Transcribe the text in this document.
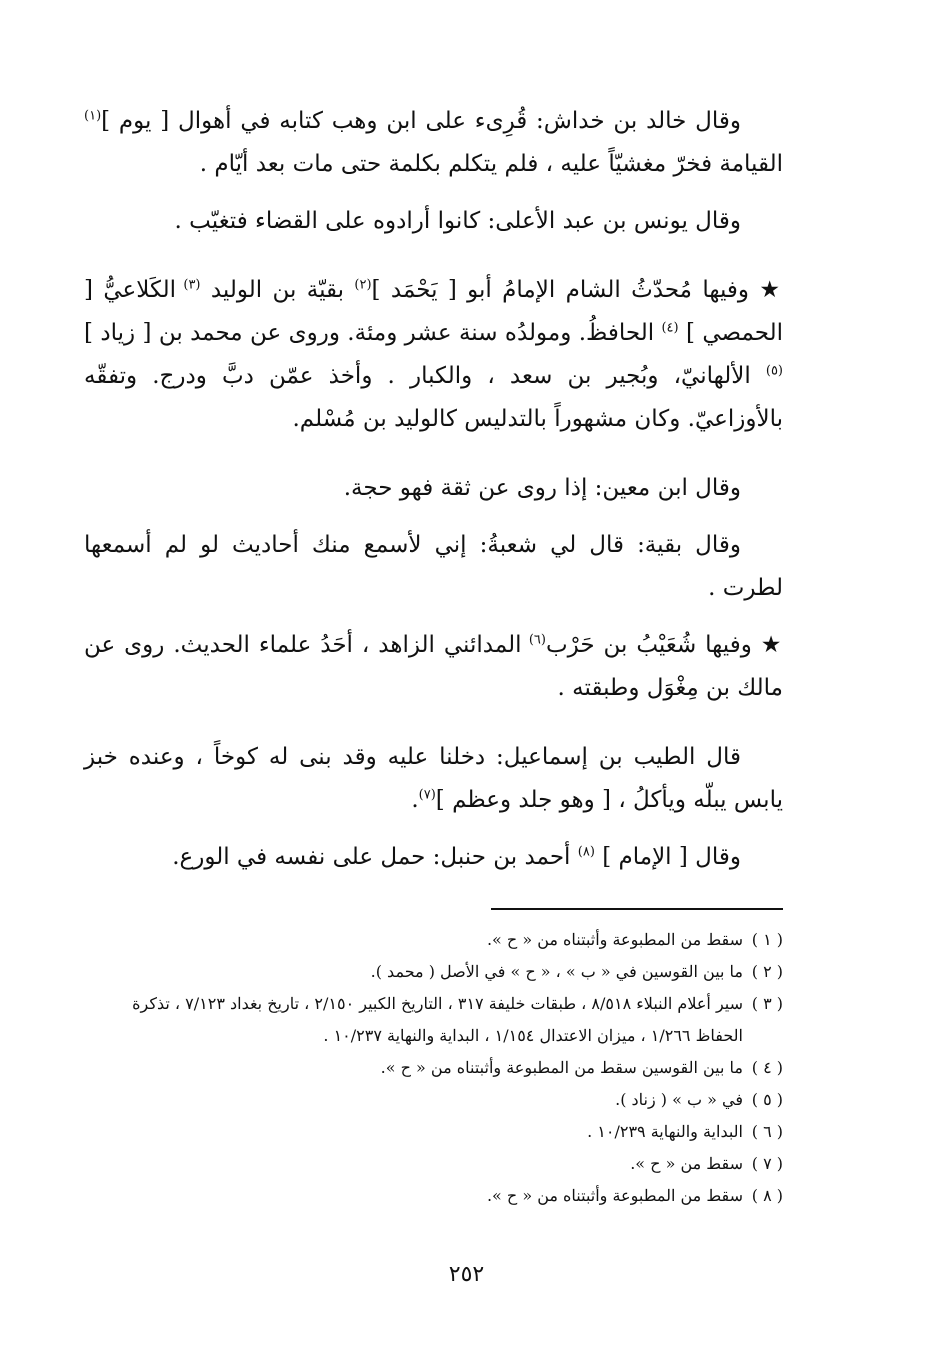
وقال خالد بن خداش: قُرِىء على ابن وهب كتابه في أهوال [ يوم ]$^{(١)}$ القيامة فخرّ مغشيّاً عليه ، فلم يتكلم بكلمة حتى مات بعد أيّام .

وقال يونس بن عبد الأعلى: كانوا أرادوه على القضاء فتغيّب .

★ وفيها مُحدّثُ الشام الإمامُ أبو [ يَحْمَد ]$^{(٢)}$ بقيّة بن الوليد $^{(٣)}$ الكَلاعيُّ [ الحمصي ] $^{(٤)}$ الحافظُ. ومولدُه سنة عشر ومئة. وروى عن محمد بن [ زياد ]$^{(٥)}$ الألهانيّ، وبُجير بن سعد ، والكبار . وأخذ عمّن دبَّ ودرج. وتفقّه بالأوزاعيّ. وكان مشهوراً بالتدليس كالوليد بن مُسْلم.

وقال ابن معين: إذا روى عن ثقة فهو حجة.

وقال بقية: قال لي شعبةُ: إني لأسمع منك أحاديث لو لم أسمعها لطرت .

★ وفيها شُعَيْبُ بن حَرْب$^{(٦)}$ المدائني الزاهد ، أحَدُ علماء الحديث. روى عن مالك بن مِغْوَل وطبقته .

قال الطيب بن إسماعيل: دخلنا عليه وقد بنى له كوخاً ، وعنده خبز يابس يبلّه ويأكلُ ، [ وهو جلد وعظم ]$^{(٧)}$.

وقال [ الإمام ] $^{(٨)}$ أحمد بن حنبل: حمل على نفسه في الورع.

( ١ )
سقط من المطبوعة وأثبتناه من « ح ».
( ٢ )
ما بين القوسين في « ب » ، « ح » في الأصل ( محمد ).
( ٣ )
سير أعلام النبلاء ٨/٥١٨ ، طبقات خليفة ٣١٧ ، التاريخ الكبير ٢/١٥٠ ، تاريخ بغداد ٧/١٢٣ ، تذكرة الحفاظ ١/٢٦٦ ، ميزان الاعتدال ١/١٥٤ ، البداية والنهاية ١٠/٢٣٧ .
( ٤ )
ما بين القوسين سقط من المطبوعة وأثبتناه من « ح ».
( ٥ )
في « ب » ( زناد ).
( ٦ )
البداية والنهاية ١٠/٢٣٩ .
( ٧ )
سقط من « ح ».
( ٨ )
سقط من المطبوعة وأثبتناه من « ح ».
٢٥٢
